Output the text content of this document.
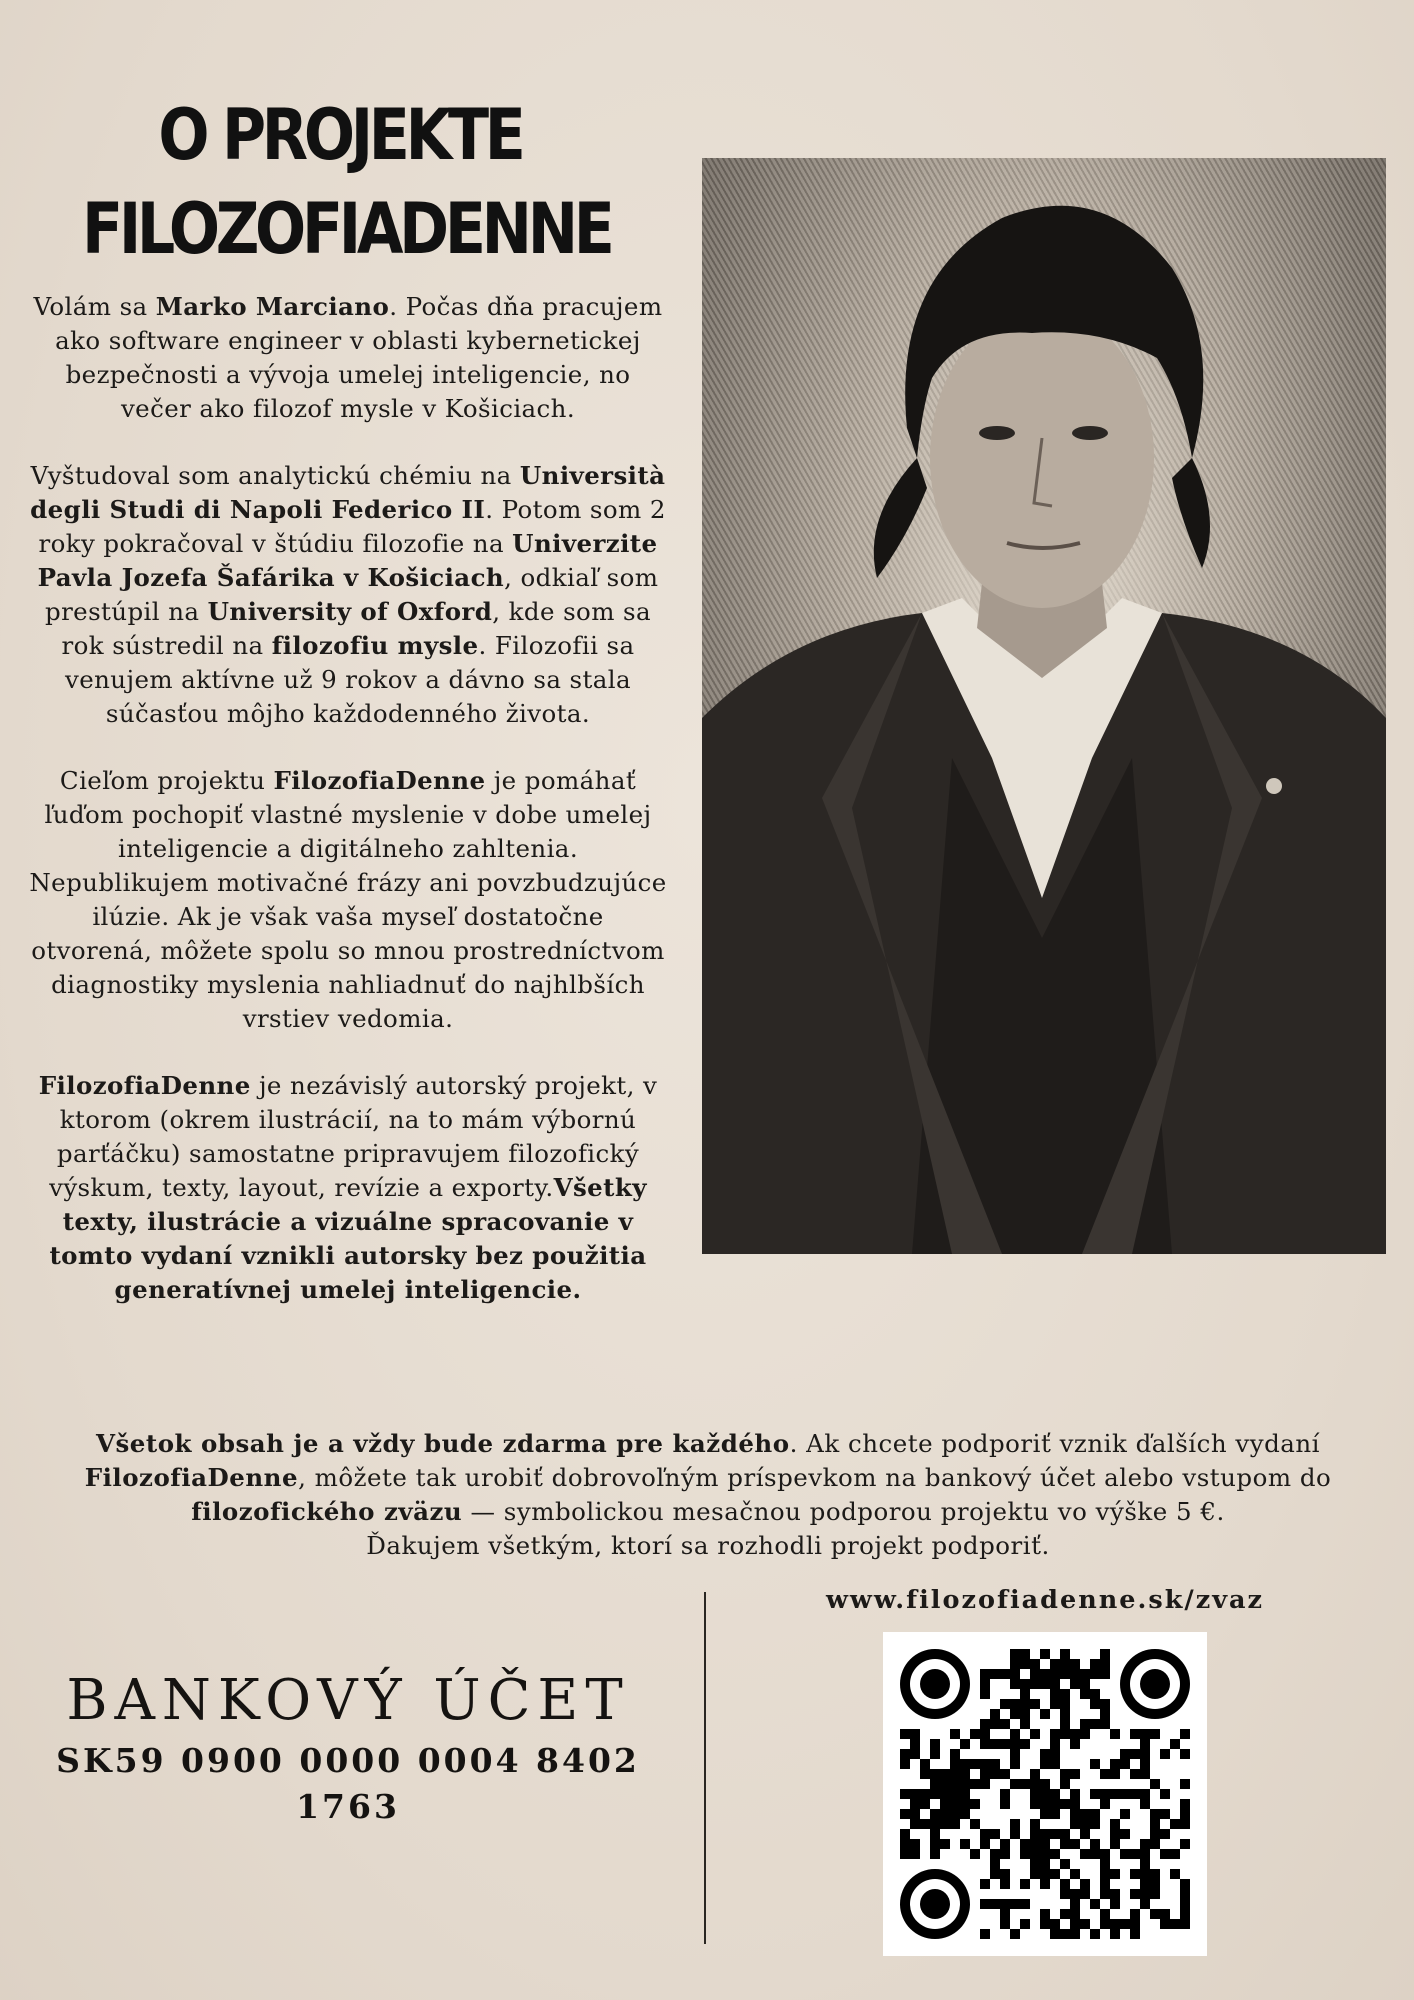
O PROJEKTE
FILOZOFIADENNE

Volám sa Marko Marciano. Počas dňa pracujem ako software engineer v oblasti kybernetickej bezpečnosti a vývoja umelej inteligencie, no večer ako filozof mysle v Košiciach.

Vyštudoval som analytickú chémiu na Università degli Studi di Napoli Federico II. Potom som 2 roky pokračoval v štúdiu filozofie na Univerzite Pavla Jozefa Šafárika v Košiciach, odkiaľ som prestúpil na University of Oxford, kde som sa rok sústredil na filozofiu mysle. Filozofii sa venujem aktívne už 9 rokov a dávno sa stala súčasťou môjho každodenného života.

Cieľom projektu FilozofiaDenne je pomáhať ľuďom pochopiť vlastné myslenie v dobe umelej inteligencie a digitálneho zahltenia. Nepublikujem motivačné frázy ani povzbudzujúce ilúzie. Ak je však vaša myseľ dostatočne otvorená, môžete spolu so mnou prostredníctvom diagnostiky myslenia nahliadnuť do najhlbších vrstiev vedomia.

FilozofiaDenne je nezávislý autorský projekt, v ktorom (okrem ilustrácií, na to mám výbornú parťáčku) samostatne pripravujem filozofický výskum, texty, layout, revízie a exporty.Všetky texty, ilustrácie a vizuálne spracovanie v tomto vydaní vznikli autorsky bez použitia generatívnej umelej inteligencie.

Všetok obsah je a vždy bude zdarma pre každého. Ak chcete podporiť vznik ďalších vydaní

FilozofiaDenne, môžete tak urobiť dobrovoľným príspevkom na bankový účet alebo vstupom do

filozofického zväzu — symbolickou mesačnou podporou projektu vo výške 5 €.

Ďakujem všetkým, ktorí sa rozhodli projekt podporiť.

BANKOVÝ ÚČET
SK59 0900 0000 0004 8402 1763
www.filozofiadenne.sk/zvaz
